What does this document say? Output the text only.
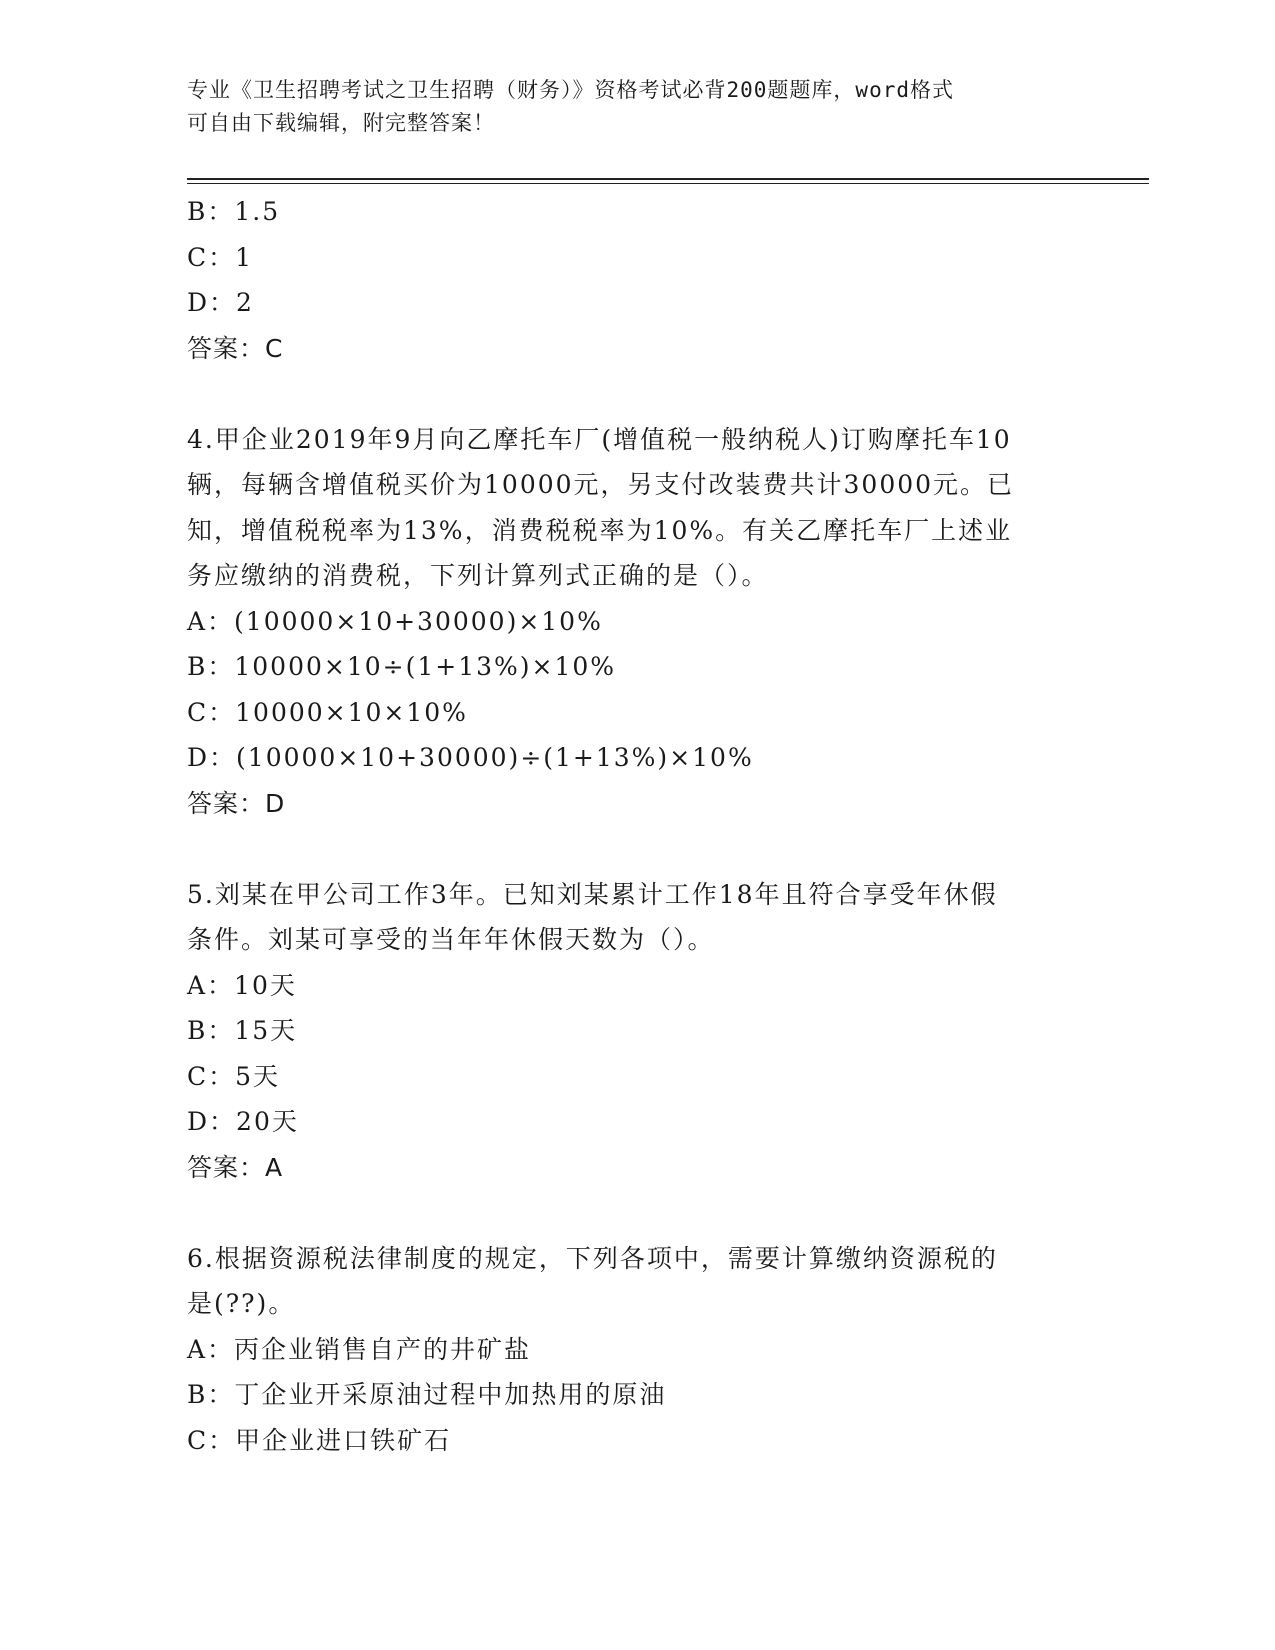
专业《卫生招聘考试之卫生招聘（财务）》资格考试必背200题题库，word格式
可自由下载编辑，附完整答案！
B：1.5
C：1
D：2
答案：C
4.甲企业2019年9月向乙摩托车厂(增值税一般纳税人)订购摩托车10
辆，每辆含增值税买价为10000元，另支付改装费共计30000元。已
知，增值税税率为13%，消费税税率为10%。有关乙摩托车厂上述业
务应缴纳的消费税，下列计算列式正确的是（）。
A：(10000×10+30000)×10%
B：10000×10÷(1+13%)×10%
C：10000×10×10%
D：(10000×10+30000)÷(1+13%)×10%
答案：D
5.刘某在甲公司工作3年。已知刘某累计工作18年且符合享受年休假
条件。刘某可享受的当年年休假天数为（）。
A：10天
B：15天
C：5天
D：20天
答案：A
6.根据资源税法律制度的规定，下列各项中，需要计算缴纳资源税的
是(??)。
A：丙企业销售自产的井矿盐
B：丁企业开采原油过程中加热用的原油
C：甲企业进口铁矿石
